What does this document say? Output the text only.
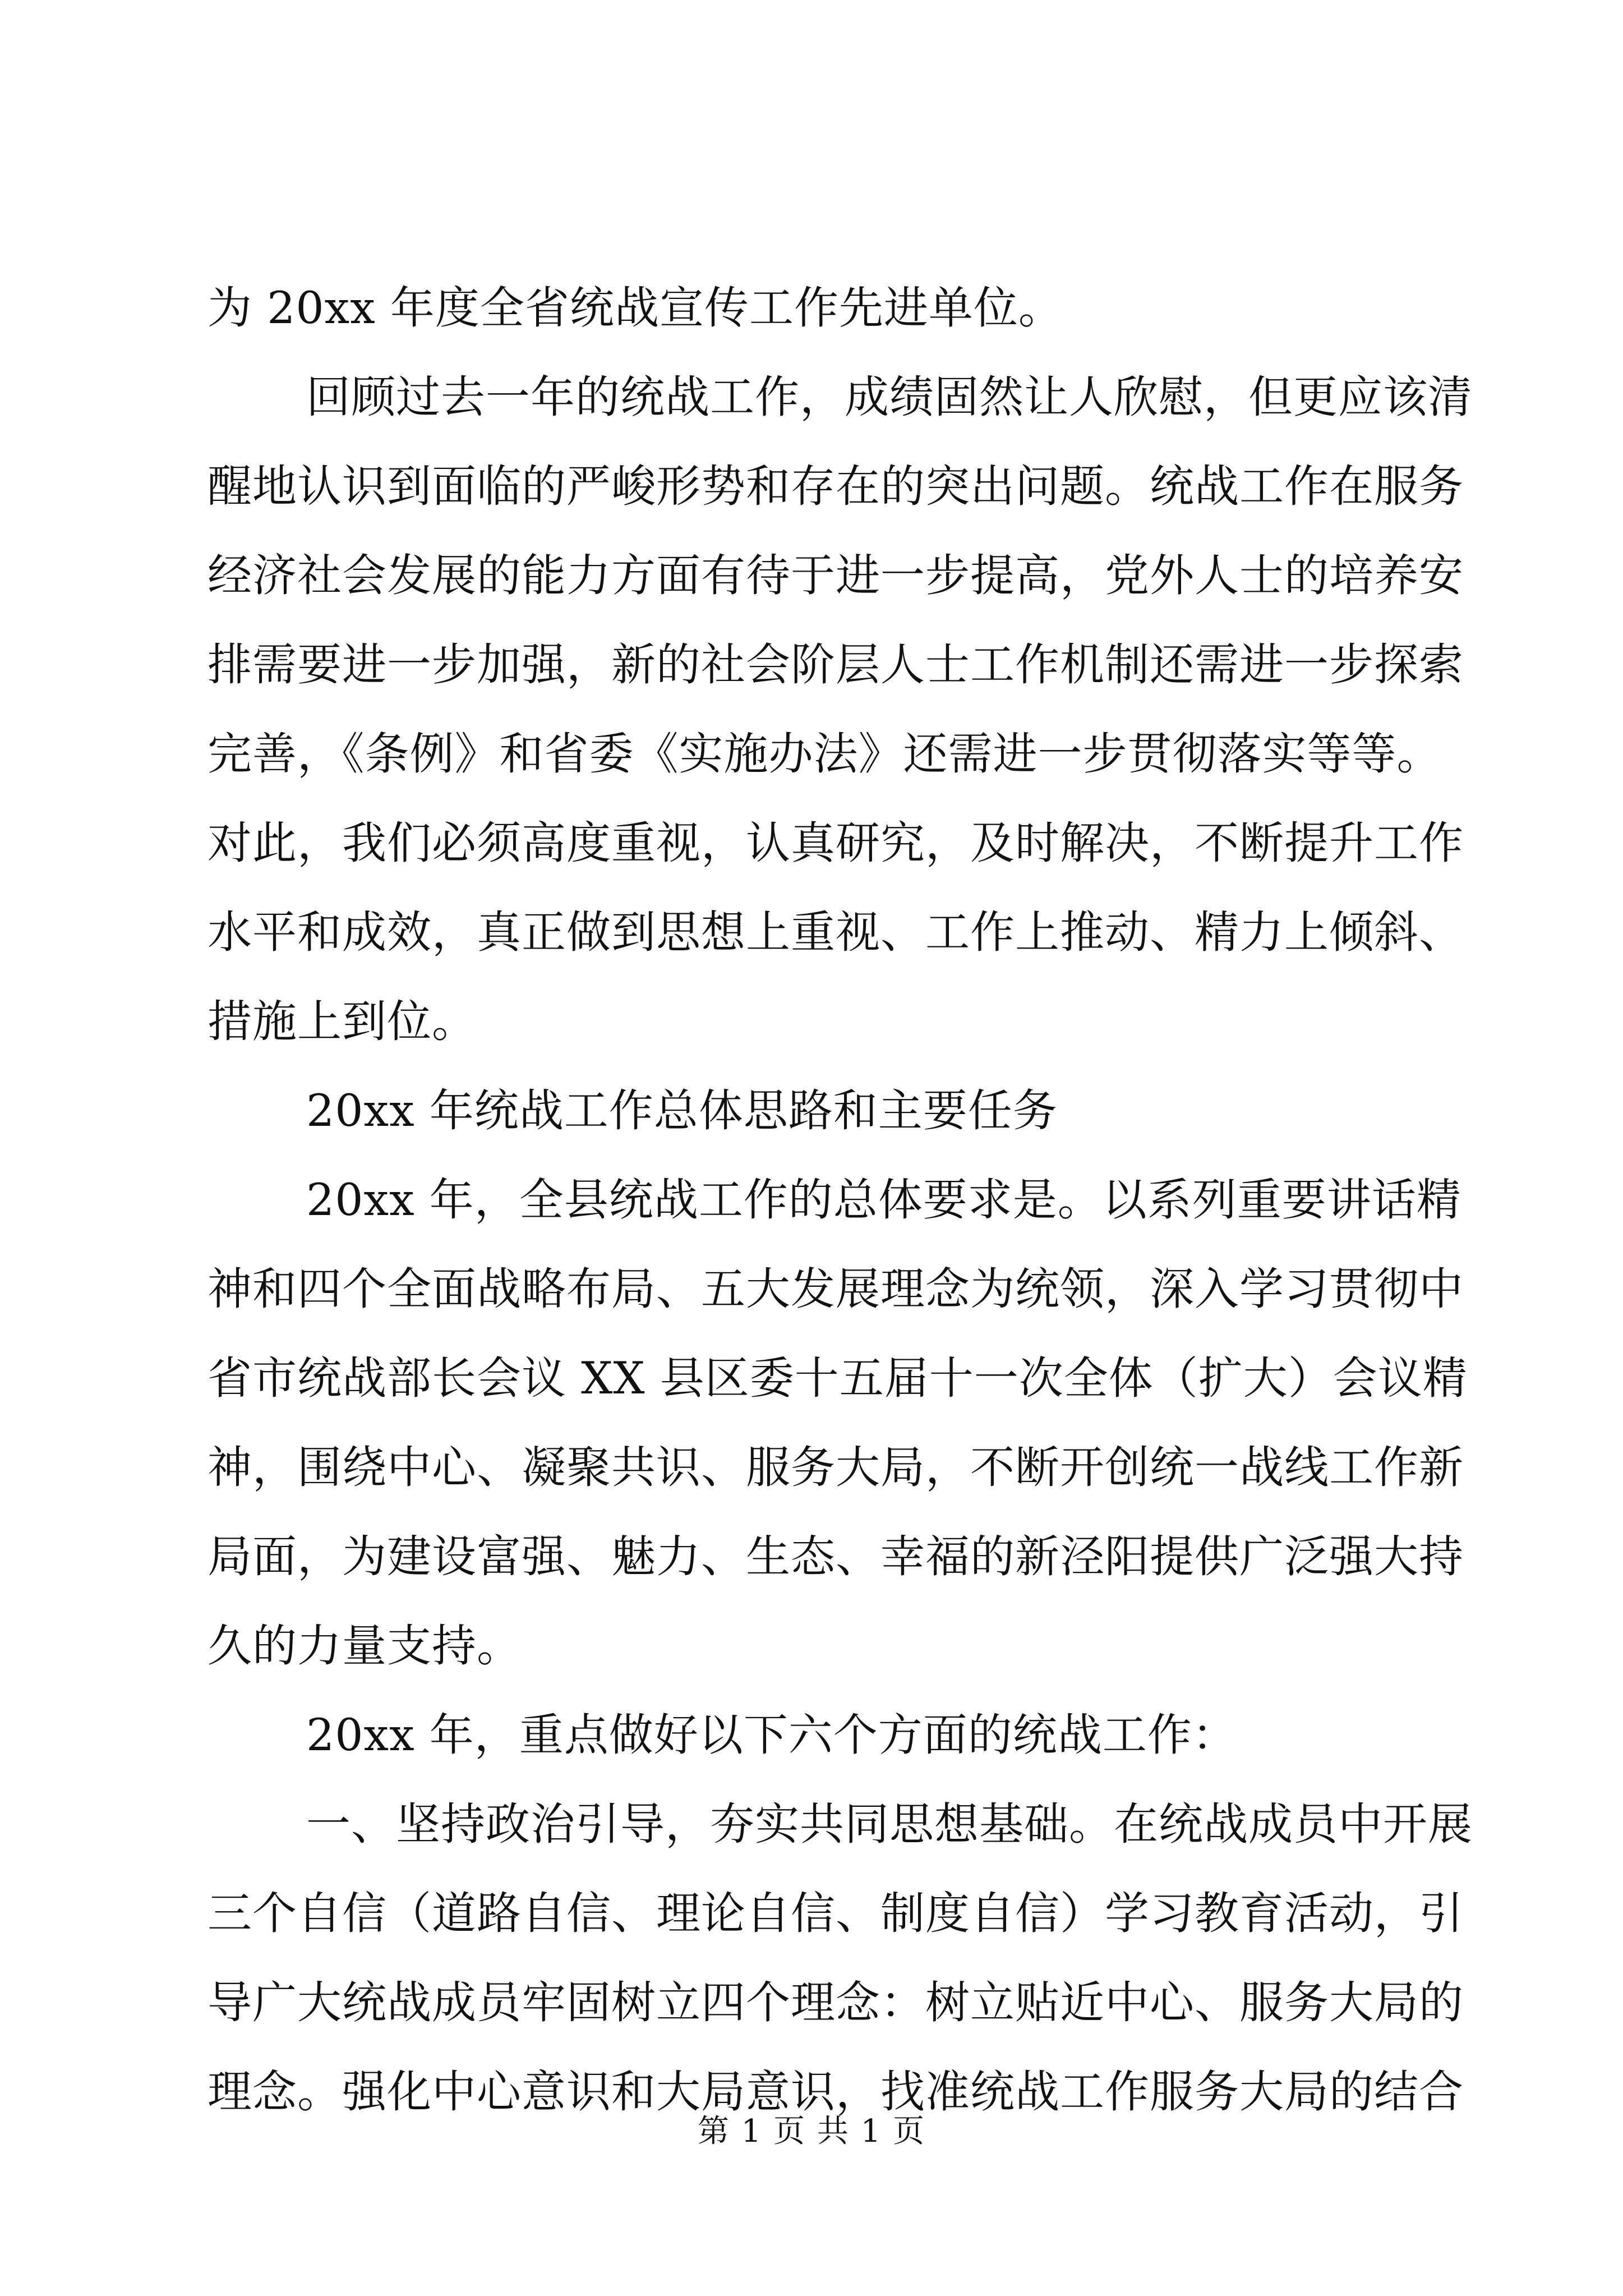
为 20xx 年度全省统战宣传工作先进单位。
回顾过去一年的统战工作，成绩固然让人欣慰，但更应该清
醒地认识到面临的严峻形势和存在的突出问题。统战工作在服务
经济社会发展的能力方面有待于进一步提高，党外人士的培养安
排需要进一步加强，新的社会阶层人士工作机制还需进一步探索
完善，《条例》和省委《实施办法》还需进一步贯彻落实等等。
对此，我们必须高度重视，认真研究，及时解决，不断提升工作
水平和成效，真正做到思想上重视、工作上推动、精力上倾斜、
措施上到位。
20xx 年统战工作总体思路和主要任务
20xx 年，全县统战工作的总体要求是。以系列重要讲话精
神和四个全面战略布局、五大发展理念为统领，深入学习贯彻中
省市统战部长会议 XX 县区委十五届十一次全体（扩大）会议精
神，围绕中心、凝聚共识、服务大局，不断开创统一战线工作新
局面，为建设富强、魅力、生态、幸福的新泾阳提供广泛强大持
久的力量支持。
20xx 年，重点做好以下六个方面的统战工作：
一、坚持政治引导，夯实共同思想基础。在统战成员中开展
三个自信（道路自信、理论自信、制度自信）学习教育活动，引
导广大统战成员牢固树立四个理念：树立贴近中心、服务大局的
理念。强化中心意识和大局意识，找准统战工作服务大局的结合
第 1 页 共 1 页
